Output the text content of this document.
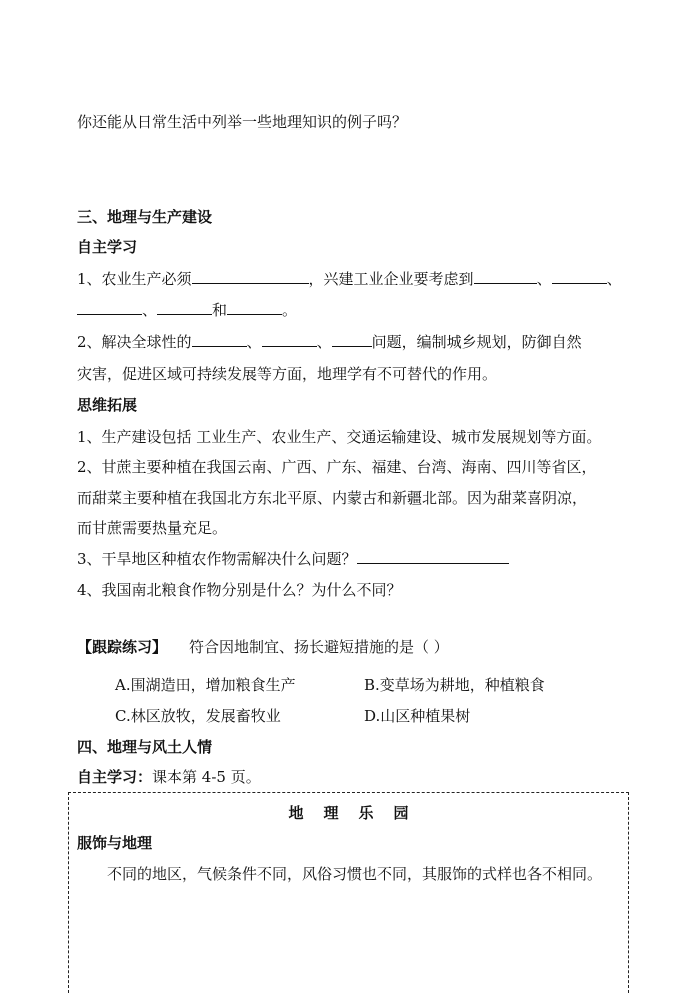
你还能从日常生活中列举一些地理知识的例子吗？
三、地理与生产建设
自主学习
1、农业生产必须	，兴建工业企业要考虑到	、	、
、	和	。
2、解决全球性的	、	、	问题，编制城乡规划，防御自然
灾害，促进区域可持续发展等方面，地理学有不可替代的作用。
思维拓展
1、生产建设包括 工业生产、农业生产、交通运输建设、城市发展规划等方面。
2、甘蔗主要种植在我国云南、广西、广东、福建、台湾、海南、四川等省区，
而甜菜主要种植在我国北方东北平原、内蒙古和新疆北部。因为甜菜喜阴凉，
而甘蔗需要热量充足。
3、干旱地区种植农作物需解决什么问题？
4、我国南北粮食作物分别是什么？为什么不同？
【跟踪练习】 符合因地制宜、扬长避短措施的是（ ）
A.围湖造田，增加粮食生产	B.变草场为耕地，种植粮食
C.林区放牧，发展畜牧业	D.山区种植果树
四、地理与风土人情
自主学习：课本第 4-5 页。
地理乐园
服饰与地理
不同的地区，气候条件不同，风俗习惯也不同，其服饰的式样也各不相同。
